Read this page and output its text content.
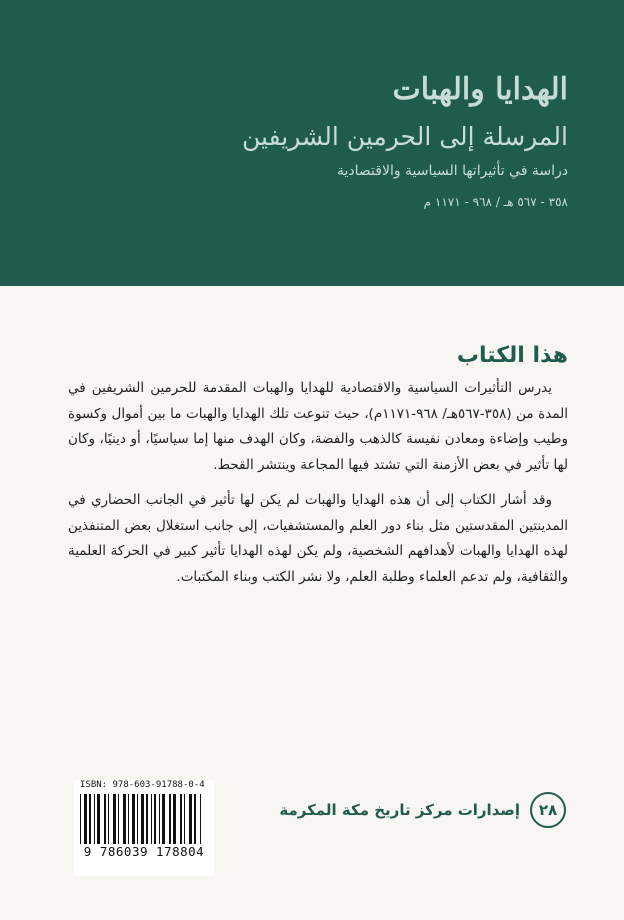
الهدايا والهبات
المرسلة إلى الحرمين الشريفين
دراسة في تأثيراتها السياسية والاقتصادية
٣٥٨ - ٥٦٧ هـ / ٩٦٨ - ١١٧١ م
هذا الكتاب

يدرس التأثيرات السياسية والاقتصادية للهدايا والهبات المقدمة للحرمين الشريفين في المدة من (٣٥٨-٥٦٧هـ/ ٩٦٨-١١٧١م)، حيث تنوعت تلك الهدايا والهبات ما بين أموال وكسوة وطيب وإضاءة ومعادن نفيسة كالذهب والفضة، وكان الهدف منها إما سياسيًا، أو دينيًا، وكان لها تأثير في بعض الأزمنة التي تشتد فيها المجاعة وينتشر القحط.

وقد أشار الكتاب إلى أن هذه الهدايا والهبات لم يكن لها تأثير في الجانب الحضاري في المدينتين المقدستين مثل بناء دور العلم والمستشفيات، إلى جانب استغلال بعض المتنفذين لهذه الهدايا والهبات لأهدافهم الشخصية، ولم يكن لهذه الهدايا تأثير كبير في الحركة العلمية والثقافية، ولم تدعم العلماء وطلبة العلم، ولا نشر الكتب وبناء المكتبات.

ISBN: 978-603-91788-0-4
9 786039 178804
٢٨
إصدارات مركز تاريخ مكة المكرمة
